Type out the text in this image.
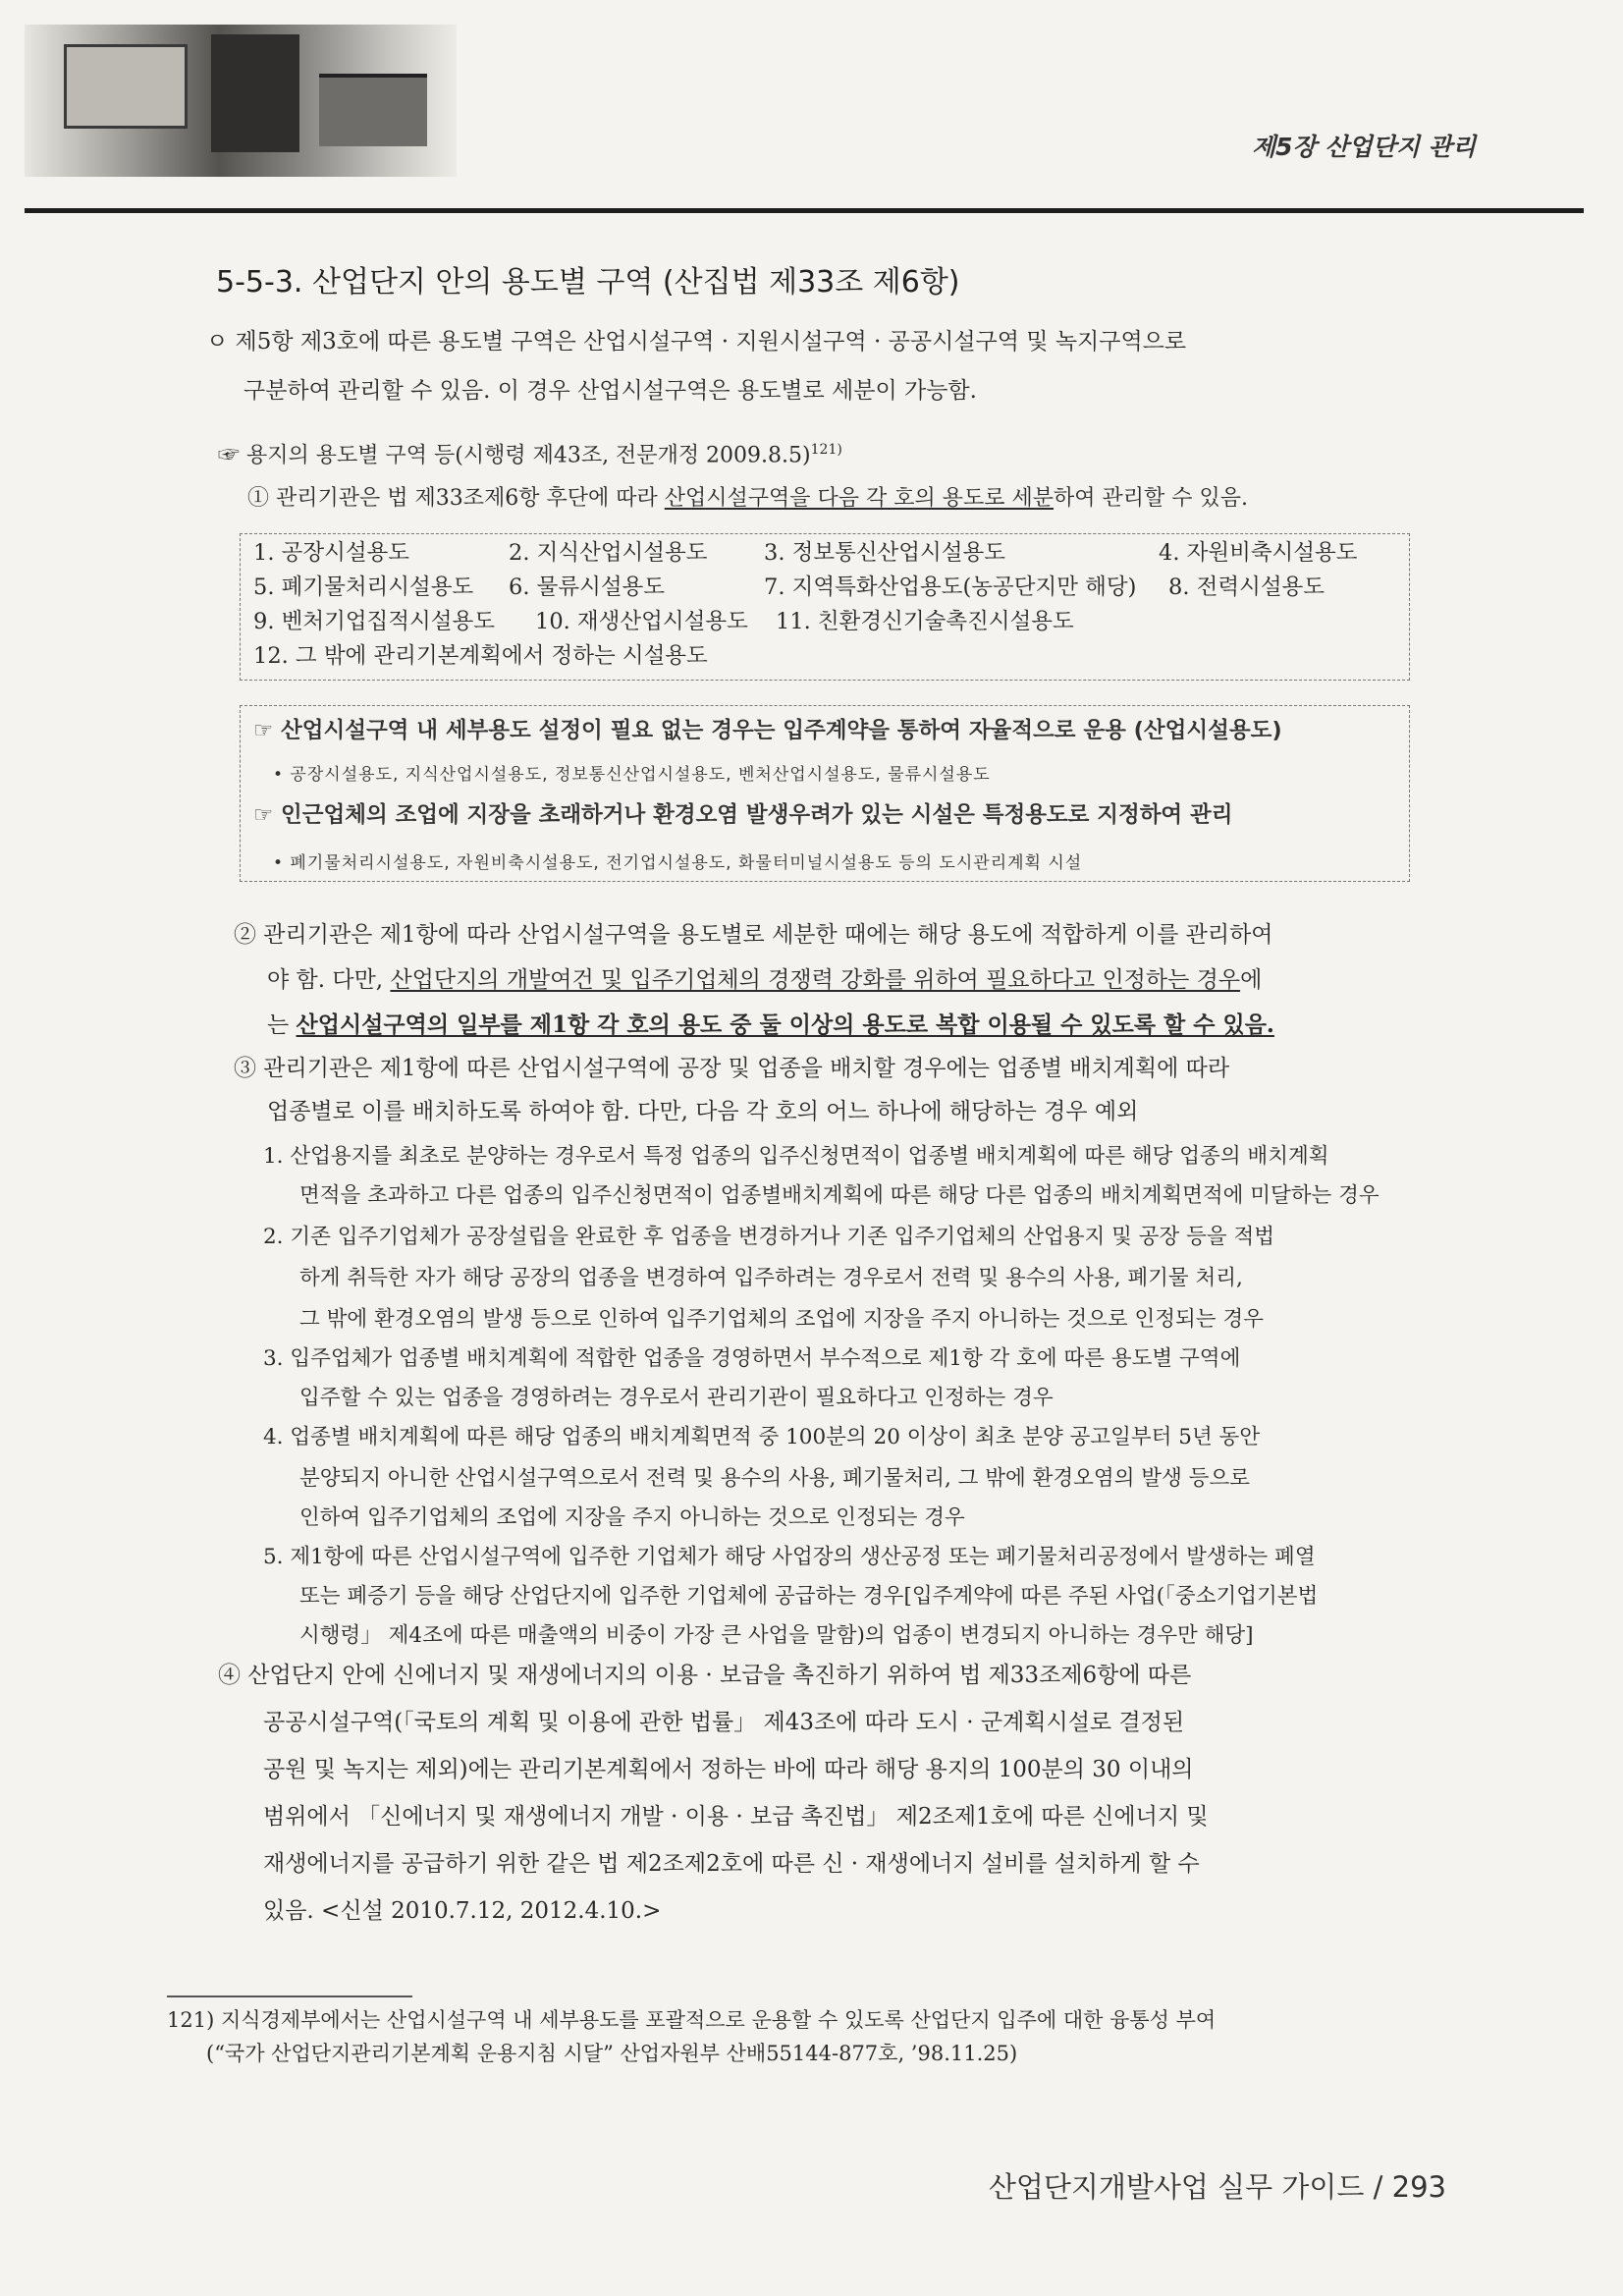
제5장 산업단지 관리
5-5-3. 산업단지 안의 용도별 구역 (산집법 제33조 제6항)
ㅇ 제5항 제3호에 따른 용도별 구역은 산업시설구역 · 지원시설구역 · 공공시설구역 및 녹지구역으로
구분하여 관리할 수 있음. 이 경우 산업시설구역은 용도별로 세분이 가능함.
☞ 용지의 용도별 구역 등(시행령 제43조, 전문개정 2009.8.5)$^{121)}$
① 관리기관은 법 제33조제6항 후단에 따라 산업시설구역을 다음 각 호의 용도로 세분하여 관리할 수 있음.
1. 공장시설용도	2. 지식산업시설용도	3. 정보통신산업시설용도	4. 자원비축시설용도
5. 폐기물처리시설용도 6. 물류시설용도	7. 지역특화산업용도(농공단지만 해당) 8. 전력시설용도
9. 벤처기업집적시설용도 10. 재생산업시설용도 11. 친환경신기술촉진시설용도
12. 그 밖에 관리기본계획에서 정하는 시설용도
☞ 산업시설구역 내 세부용도 설정이 필요 없는 경우는 입주계약을 통하여 자율적으로 운용 (산업시설용도)
• 공장시설용도, 지식산업시설용도, 정보통신산업시설용도, 벤처산업시설용도, 물류시설용도
☞ 인근업체의 조업에 지장을 초래하거나 환경오염 발생우려가 있는 시설은 특정용도로 지정하여 관리
• 폐기물처리시설용도, 자원비축시설용도, 전기업시설용도, 화물터미널시설용도 등의 도시관리계획 시설
② 관리기관은 제1항에 따라 산업시설구역을 용도별로 세분한 때에는 해당 용도에 적합하게 이를 관리하여
야 함. 다만, 산업단지의 개발여건 및 입주기업체의 경쟁력 강화를 위하여 필요하다고 인정하는 경우에
는 산업시설구역의 일부를 제1항 각 호의 용도 중 둘 이상의 용도로 복합 이용될 수 있도록 할 수 있음.
③ 관리기관은 제1항에 따른 산업시설구역에 공장 및 업종을 배치할 경우에는 업종별 배치계획에 따라
업종별로 이를 배치하도록 하여야 함. 다만, 다음 각 호의 어느 하나에 해당하는 경우 예외
1. 산업용지를 최초로 분양하는 경우로서 특정 업종의 입주신청면적이 업종별 배치계획에 따른 해당 업종의 배치계획
면적을 초과하고 다른 업종의 입주신청면적이 업종별배치계획에 따른 해당 다른 업종의 배치계획면적에 미달하는 경우
2. 기존 입주기업체가 공장설립을 완료한 후 업종을 변경하거나 기존 입주기업체의 산업용지 및 공장 등을 적법
하게 취득한 자가 해당 공장의 업종을 변경하여 입주하려는 경우로서 전력 및 용수의 사용, 폐기물 처리,
그 밖에 환경오염의 발생 등으로 인하여 입주기업체의 조업에 지장을 주지 아니하는 것으로 인정되는 경우
3. 입주업체가 업종별 배치계획에 적합한 업종을 경영하면서 부수적으로 제1항 각 호에 따른 용도별 구역에
입주할 수 있는 업종을 경영하려는 경우로서 관리기관이 필요하다고 인정하는 경우
4. 업종별 배치계획에 따른 해당 업종의 배치계획면적 중 100분의 20 이상이 최초 분양 공고일부터 5년 동안
분양되지 아니한 산업시설구역으로서 전력 및 용수의 사용, 폐기물처리, 그 밖에 환경오염의 발생 등으로
인하여 입주기업체의 조업에 지장을 주지 아니하는 것으로 인정되는 경우
5. 제1항에 따른 산업시설구역에 입주한 기업체가 해당 사업장의 생산공정 또는 폐기물처리공정에서 발생하는 폐열
또는 폐증기 등을 해당 산업단지에 입주한 기업체에 공급하는 경우[입주계약에 따른 주된 사업(「중소기업기본법
시행령」 제4조에 따른 매출액의 비중이 가장 큰 사업을 말함)의 업종이 변경되지 아니하는 경우만 해당]
④ 산업단지 안에 신에너지 및 재생에너지의 이용 · 보급을 촉진하기 위하여 법 제33조제6항에 따른
공공시설구역(「국토의 계획 및 이용에 관한 법률」 제43조에 따라 도시 · 군계획시설로 결정된
공원 및 녹지는 제외)에는 관리기본계획에서 정하는 바에 따라 해당 용지의 100분의 30 이내의
범위에서 「신에너지 및 재생에너지 개발 · 이용 · 보급 촉진법」 제2조제1호에 따른 신에너지 및
재생에너지를 공급하기 위한 같은 법 제2조제2호에 따른 신 · 재생에너지 설비를 설치하게 할 수
있음. <신설 2010.7.12, 2012.4.10.>
121) 지식경제부에서는 산업시설구역 내 세부용도를 포괄적으로 운용할 수 있도록 산업단지 입주에 대한 융통성 부여
(“국가 산업단지관리기본계획 운용지침 시달” 산업자원부 산배55144-877호, ’98.11.25)
산업단지개발사업 실무 가이드 / 293
